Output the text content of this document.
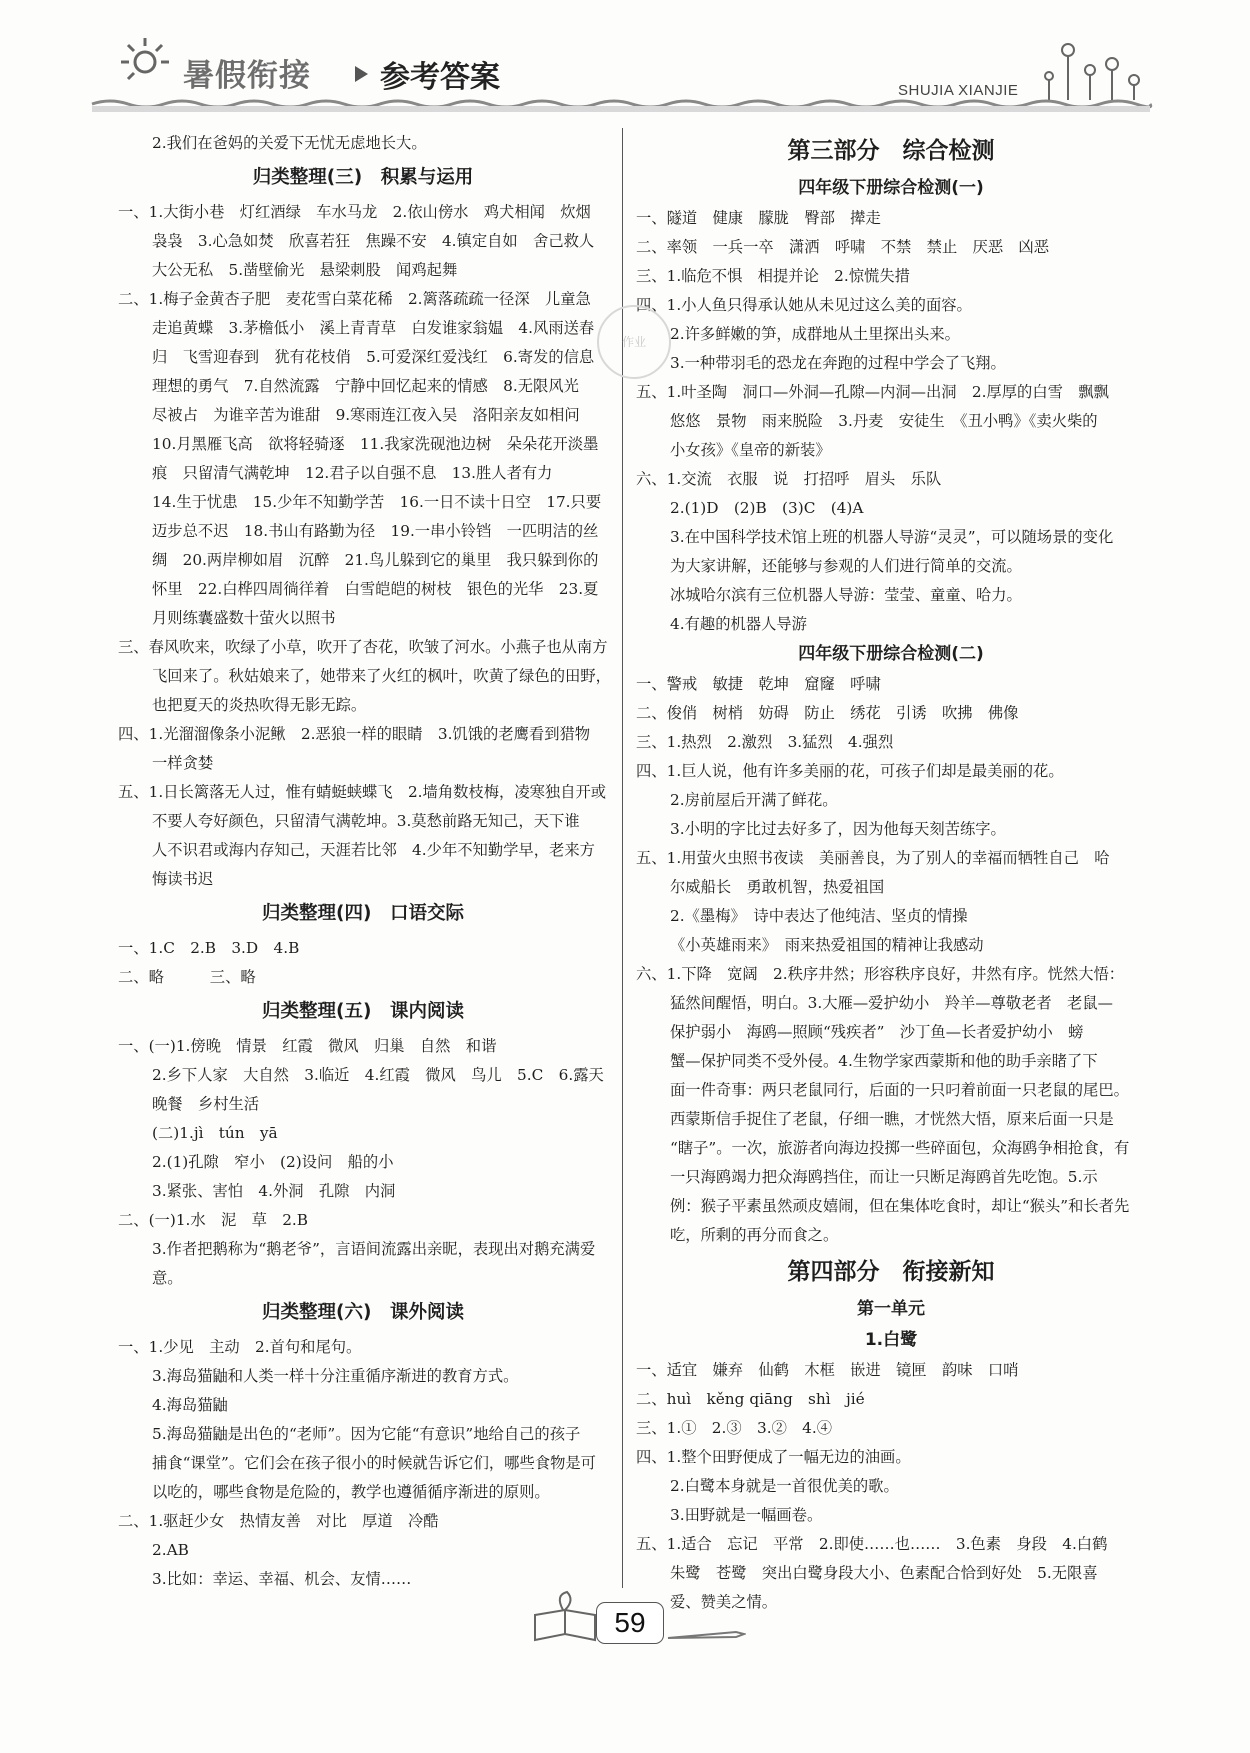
暑假衔接 参考答案	SHUJIA XIANJIE

2.我们在爸妈的关爱下无忧无虑地长大。

归类整理(三)　积累与运用

一、1.大街小巷　灯红酒绿　车水马龙　2.依山傍水　鸡犬相闻　炊烟

袅袅　3.心急如焚　欣喜若狂　焦躁不安　4.镇定自如　舍己救人

大公无私　5.凿壁偷光　悬梁刺股　闻鸡起舞

二、1.梅子金黄杏子肥　麦花雪白菜花稀　2.篱落疏疏一径深　儿童急

走追黄蝶　3.茅檐低小　溪上青青草　白发谁家翁媪　4.风雨送春

归　飞雪迎春到　犹有花枝俏　5.可爱深红爱浅红　6.寄发的信息

理想的勇气　7.自然流露　宁静中回忆起来的情感　8.无限风光

尽被占　为谁辛苦为谁甜　9.寒雨连江夜入吴　洛阳亲友如相问

10.月黑雁飞高　欲将轻骑逐　11.我家洗砚池边树　朵朵花开淡墨

痕　只留清气满乾坤　12.君子以自强不息　13.胜人者有力

14.生于忧患　15.少年不知勤学苦　16.一日不读十日空　17.只要

迈步总不迟　18.书山有路勤为径　19.一串小铃铛　一匹明洁的丝

绸　20.两岸柳如眉　沉醉　21.鸟儿躲到它的巢里　我只躲到你的

怀里　22.白桦四周徜徉着　白雪皑皑的树枝　银色的光华　23.夏

月则练囊盛数十萤火以照书

三、春风吹来，吹绿了小草，吹开了杏花，吹皱了河水。小燕子也从南方

飞回来了。秋姑娘来了，她带来了火红的枫叶，吹黄了绿色的田野，

也把夏天的炎热吹得无影无踪。

四、1.光溜溜像条小泥鳅　2.恶狼一样的眼睛　3.饥饿的老鹰看到猎物

一样贪婪

五、1.日长篱落无人过，惟有蜻蜓蛱蝶飞　2.墙角数枝梅，凌寒独自开或

不要人夸好颜色，只留清气满乾坤。3.莫愁前路无知己，天下谁

人不识君或海内存知己，天涯若比邻　4.少年不知勤学早，老来方

悔读书迟

归类整理(四)　口语交际

一、1.C　2.B　3.D　4.B

二、略　　　三、略

归类整理(五)　课内阅读

一、(一)1.傍晚　情景　红霞　微风　归巢　自然　和谐

2.乡下人家　大自然　3.临近　4.红霞　微风　鸟儿　5.C　6.露天

晚餐　乡村生活

(二)1.jì　tún　yā

2.(1)孔隙　窄小　(2)设问　船的小

3.紧张、害怕　4.外洞　孔隙　内洞

二、(一)1.水　泥　草　2.B

3.作者把鹅称为“鹅老爷”，言语间流露出亲昵，表现出对鹅充满爱

意。

归类整理(六)　课外阅读

一、1.少见　主动　2.首句和尾句。

3.海岛猫鼬和人类一样十分注重循序渐进的教育方式。

4.海岛猫鼬

5.海岛猫鼬是出色的“老师”。因为它能“有意识”地给自己的孩子

捕食“课堂”。它们会在孩子很小的时候就告诉它们，哪些食物是可

以吃的，哪些食物是危险的，教学也遵循循序渐进的原则。

二、1.驱赶少女　热情友善　对比　厚道　冷酷

2.AB

3.比如：幸运、幸福、机会、友情……

第三部分　综合检测
四年级下册综合检测(一)

一、隧道　健康　朦胧　臀部　撵走

二、率领　一兵一卒　潇洒　呼啸　不禁　禁止　厌恶　凶恶

三、1.临危不惧　相提并论　2.惊慌失措

四、1.小人鱼只得承认她从未见过这么美的面容。

2.许多鲜嫩的笋，成群地从土里探出头来。

3.一种带羽毛的恐龙在奔跑的过程中学会了飞翔。

五、1.叶圣陶　洞口—外洞—孔隙—内洞—出洞　2.厚厚的白雪　飘飘

悠悠　景物　雨来脱险　3.丹麦　安徒生　《丑小鸭》《卖火柴的

小女孩》《皇帝的新装》

六、1.交流　衣服　说　打招呼　眉头　乐队

2.(1)D　(2)B　(3)C　(4)A

3.在中国科学技术馆上班的机器人导游“灵灵”，可以随场景的变化

为大家讲解，还能够与参观的人们进行简单的交流。

冰城哈尔滨有三位机器人导游：莹莹、童童、哈力。

4.有趣的机器人导游

四年级下册综合检测(二)

一、警戒　敏捷　乾坤　窟窿　呼啸

二、俊俏　树梢　妨碍　防止　绣花　引诱　吹拂　佛像

三、1.热烈　2.激烈　3.猛烈　4.强烈

四、1.巨人说，他有许多美丽的花，可孩子们却是最美丽的花。

2.房前屋后开满了鲜花。

3.小明的字比过去好多了，因为他每天刻苦练字。

五、1.用萤火虫照书夜读　美丽善良，为了别人的幸福而牺牲自己　哈

尔威船长　勇敢机智，热爱祖国

2.《墨梅》　诗中表达了他纯洁、坚贞的情操

《小英雄雨来》　雨来热爱祖国的精神让我感动

六、1.下降　宽阔　2.秩序井然；形容秩序良好，井然有序。恍然大悟：

猛然间醒悟，明白。3.大雁—爱护幼小　羚羊—尊敬老者　老鼠—

保护弱小　海鸥—照顾“残疾者”　沙丁鱼—长者爱护幼小　螃

蟹—保护同类不受外侵。4.生物学家西蒙斯和他的助手亲睹了下

面一件奇事：两只老鼠同行，后面的一只叼着前面一只老鼠的尾巴。

西蒙斯信手捉住了老鼠，仔细一瞧，才恍然大悟，原来后面一只是

“瞎子”。一次，旅游者向海边投掷一些碎面包，众海鸥争相抢食，有

一只海鸥竭力把众海鸥挡住，而让一只断足海鸥首先吃饱。5.示

例：猴子平素虽然顽皮嬉闹，但在集体吃食时，却让“猴头”和长者先

吃，所剩的再分而食之。

第四部分　衔接新知
第一单元
1.白鹭

一、适宜　嫌弃　仙鹤　木框　嵌进　镜匣　韵味　口哨

二、huì　kěng qiāng　shì　jié

三、1.①　2.③　3.②　4.④

四、1.整个田野便成了一幅无边的油画。

2.白鹭本身就是一首很优美的歌。

3.田野就是一幅画卷。

五、1.适合　忘记　平常　2.即使……也……　3.色素　身段　4.白鹤

朱鹭　苍鹭　突出白鹭身段大小、色素配合恰到好处　5.无限喜

爱、赞美之情。

作业
59
